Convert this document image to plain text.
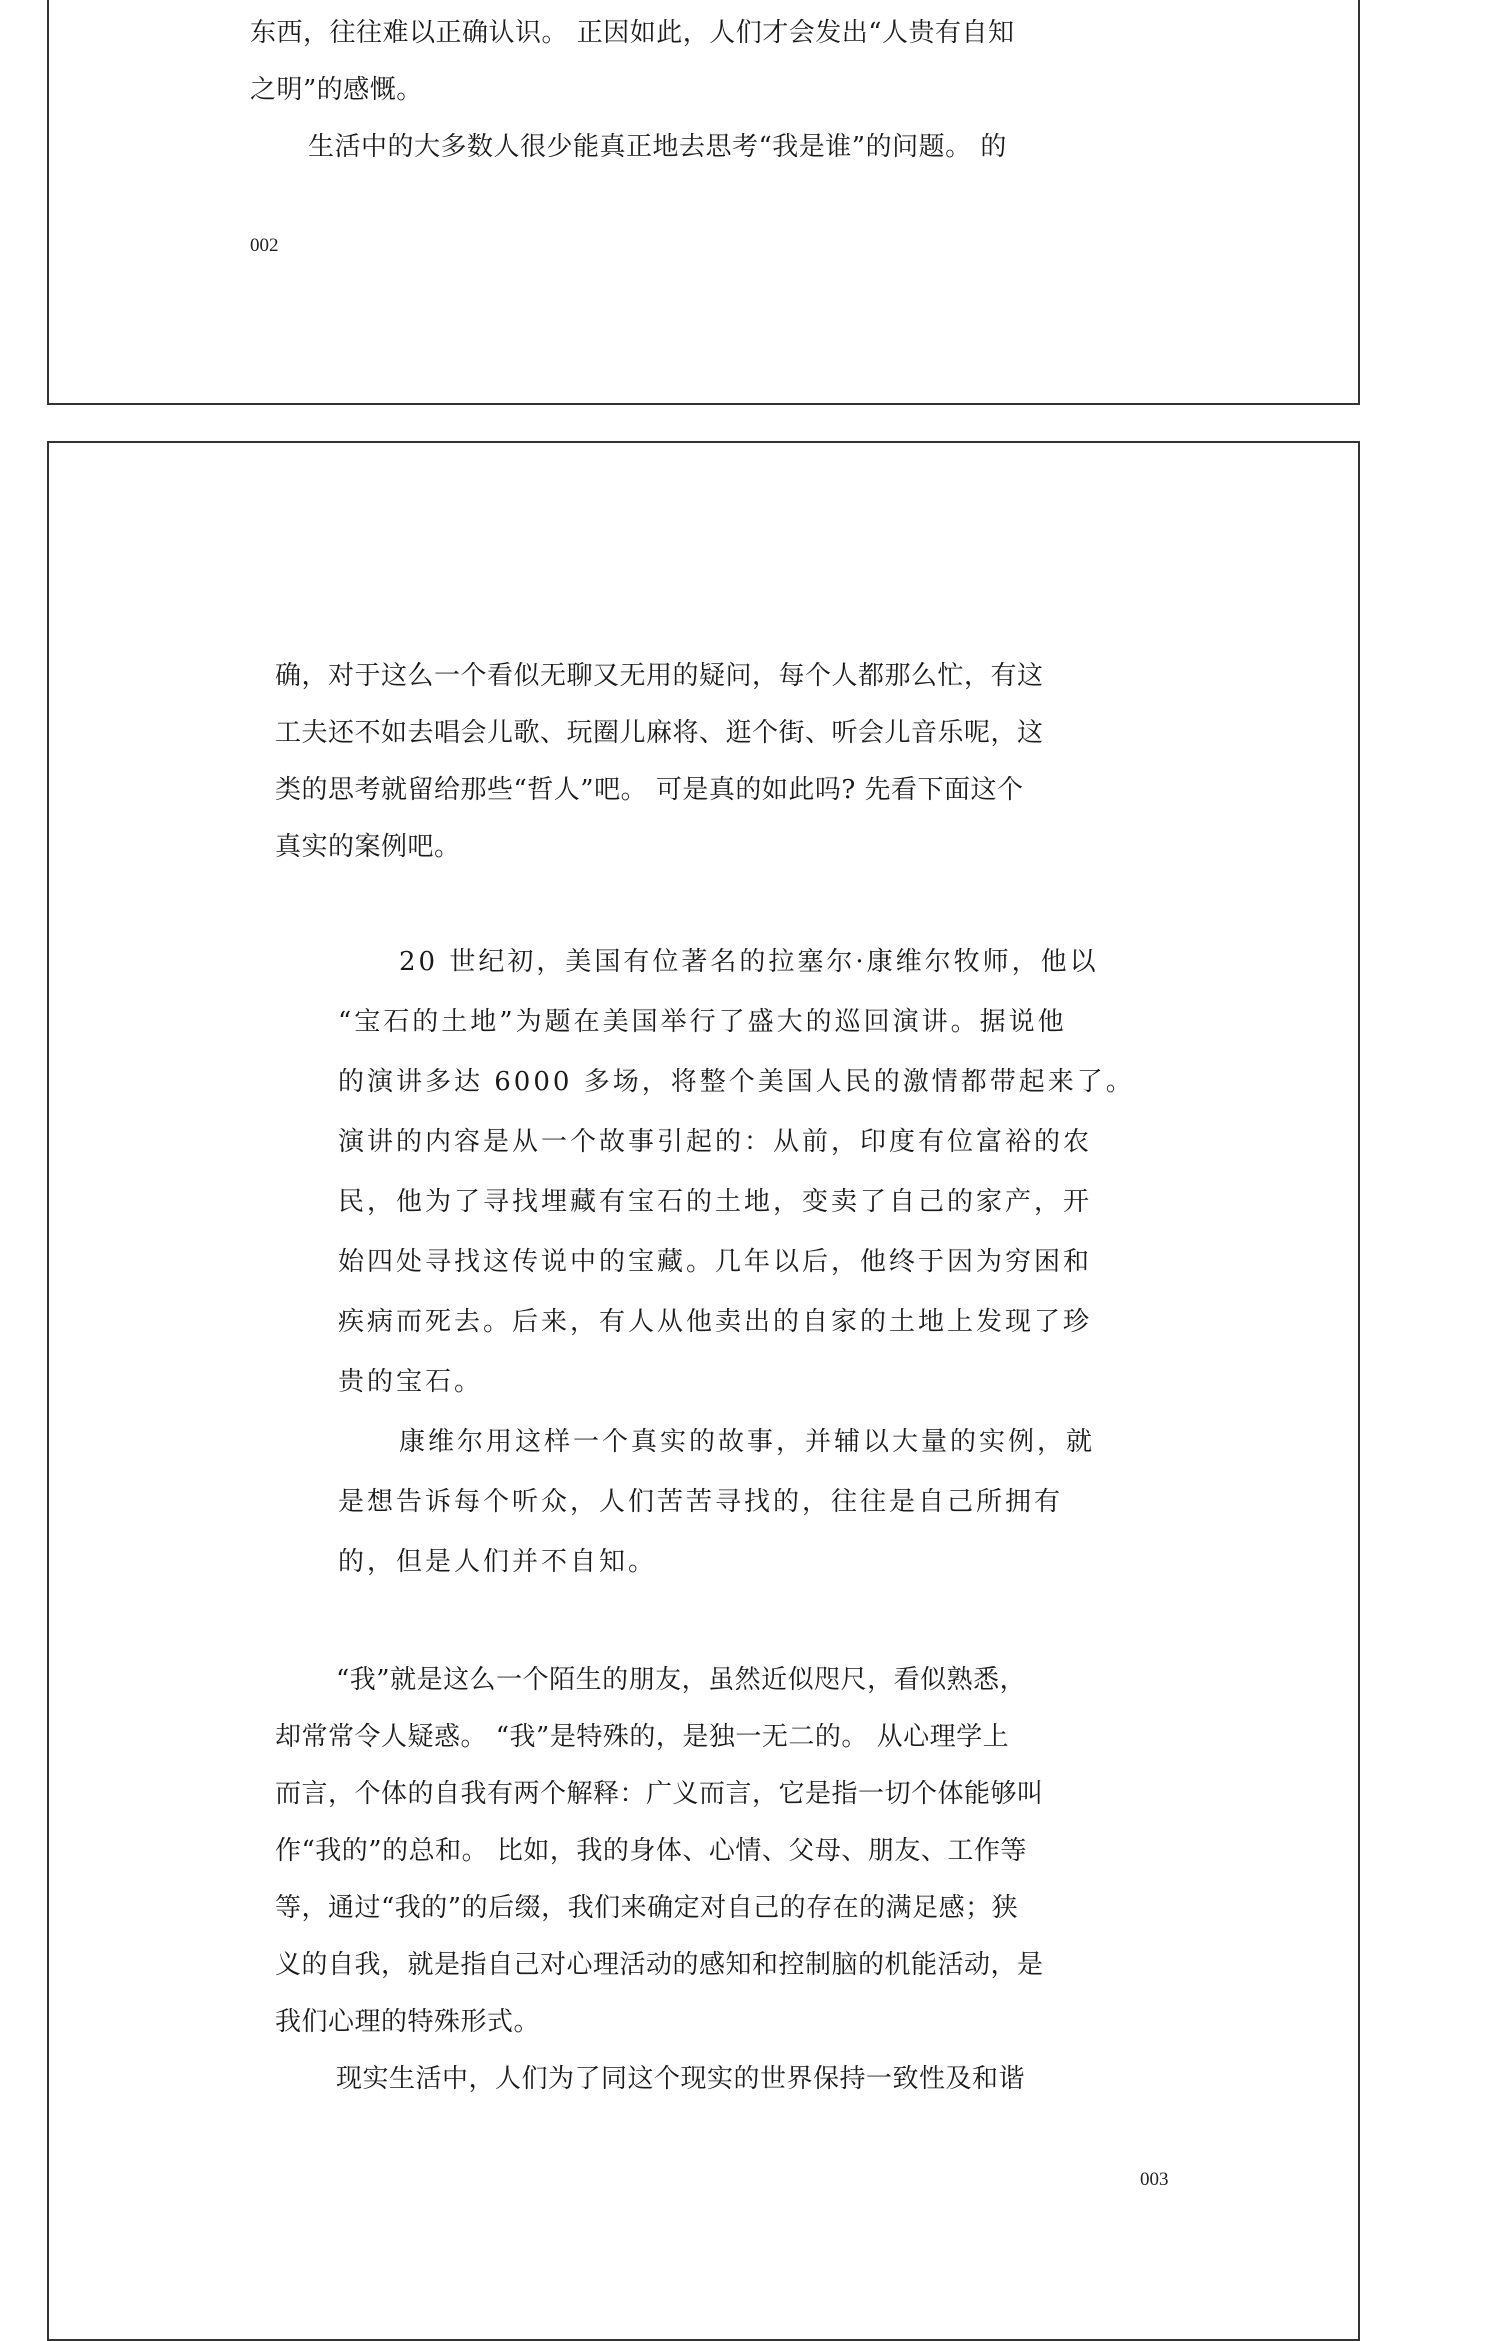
东西，往往难以正确认识。 正因如此，人们才会发出“人贵有自知
之明”的感慨。
生活中的大多数人很少能真正地去思考“我是谁”的问题。 的
002
确，对于这么一个看似无聊又无用的疑问，每个人都那么忙，有这
工夫还不如去唱会儿歌、玩圈儿麻将、逛个街、听会儿音乐呢，这
类的思考就留给那些“哲人”吧。 可是真的如此吗? 先看下面这个
真实的案例吧。
20 世纪初，美国有位著名的拉塞尔·康维尔牧师，他以
“宝石的土地”为题在美国举行了盛大的巡回演讲。据说他
的演讲多达 6000 多场，将整个美国人民的激情都带起来了。
演讲的内容是从一个故事引起的：从前，印度有位富裕的农
民，他为了寻找埋藏有宝石的土地，变卖了自己的家产，开
始四处寻找这传说中的宝藏。几年以后，他终于因为穷困和
疾病而死去。后来，有人从他卖出的自家的土地上发现了珍
贵的宝石。
康维尔用这样一个真实的故事，并辅以大量的实例，就
是想告诉每个听众，人们苦苦寻找的，往往是自己所拥有
的，但是人们并不自知。
“我”就是这么一个陌生的朋友，虽然近似咫尺，看似熟悉，
却常常令人疑惑。 “我”是特殊的，是独一无二的。 从心理学上
而言，个体的自我有两个解释：广义而言，它是指一切个体能够叫
作“我的”的总和。 比如，我的身体、心情、父母、朋友、工作等
等，通过“我的”的后缀，我们来确定对自己的存在的满足感；狭
义的自我，就是指自己对心理活动的感知和控制脑的机能活动，是
我们心理的特殊形式。
现实生活中，人们为了同这个现实的世界保持一致性及和谐
003
